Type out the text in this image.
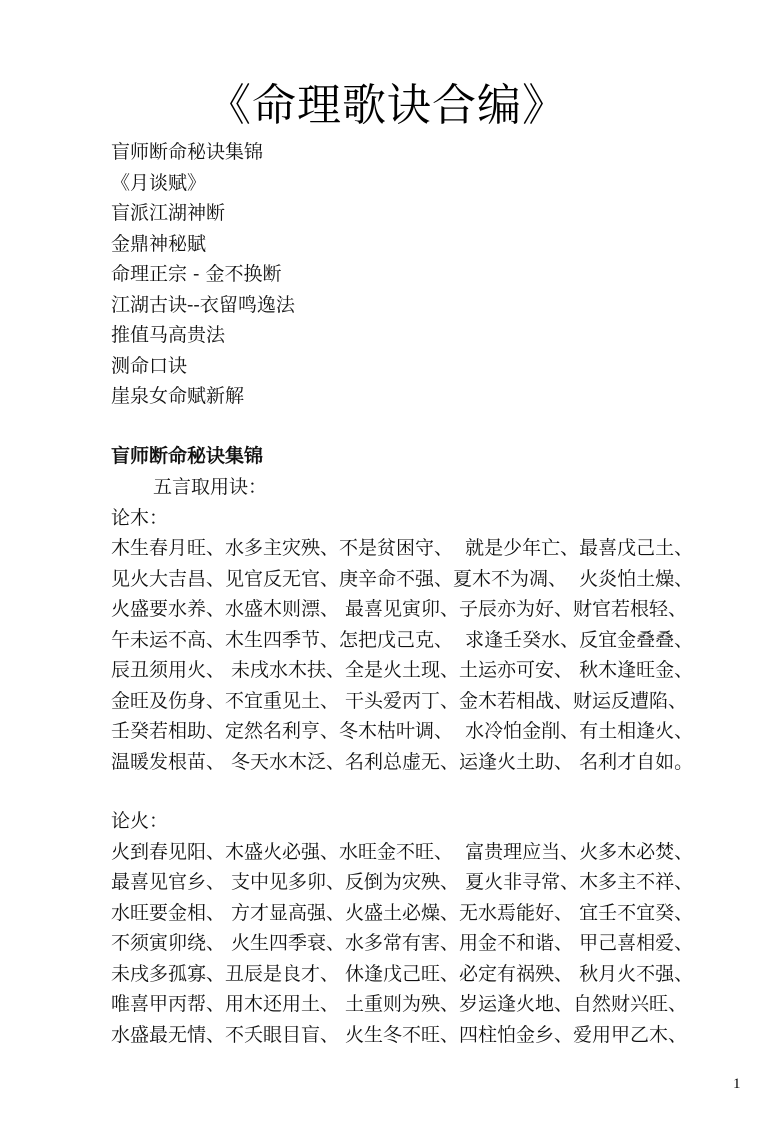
《命理歌诀合编》
盲师断命秘诀集锦
《月谈赋》
盲派江湖神断
金鼎神秘賦
命理正宗 - 金不换断
江湖古诀--衣留鸣逸法
推值马高贵法
测命口诀
崖泉女命赋新解
盲师断命秘诀集锦
五言取用诀：
论木：
木生春月旺、水多主灾殃、不是贫困守、  就是少年亡、最喜戊己土、
见火大吉昌、见官反无官、庚辛命不强、夏木不为凋、  火炎怕土燥、
火盛要水养、水盛木则漂、 最喜见寅卯、子辰亦为好、财官若根轻、
午未运不高、木生四季节、怎把戊己克、  求逢壬癸水、反宜金叠叠、
辰丑须用火、 未戌水木扶、全是火土现、土运亦可安、 秋木逢旺金、
金旺及伤身、不宜重见土、 干头爱丙丁、金木若相战、财运反遭陷、
壬癸若相助、定然名利亨、冬木枯叶调、  水冷怕金削、有土相逢火、
温暖发根苗、 冬天水木泛、名利总虚无、运逢火土助、 名利才自如。
论火：
火到春见阳、木盛火必强、水旺金不旺、  富贵理应当、火多木必焚、
最喜见官乡、 支中见多卯、反倒为灾殃、 夏火非寻常、木多主不祥、
水旺要金相、 方才显高强、火盛土必燥、无水焉能好、 宜壬不宜癸、
不须寅卯绕、 火生四季衰、水多常有害、用金不和谐、 甲己喜相爱、
未戌多孤寡、丑辰是良才、 休逢戊己旺、必定有祸殃、 秋月火不强、
唯喜甲丙帮、用木还用土、 土重则为殃、岁运逢火地、自然财兴旺、
水盛最无情、不夭眼目盲、 火生冬不旺、四柱怕金乡、爱用甲乙木、
1
